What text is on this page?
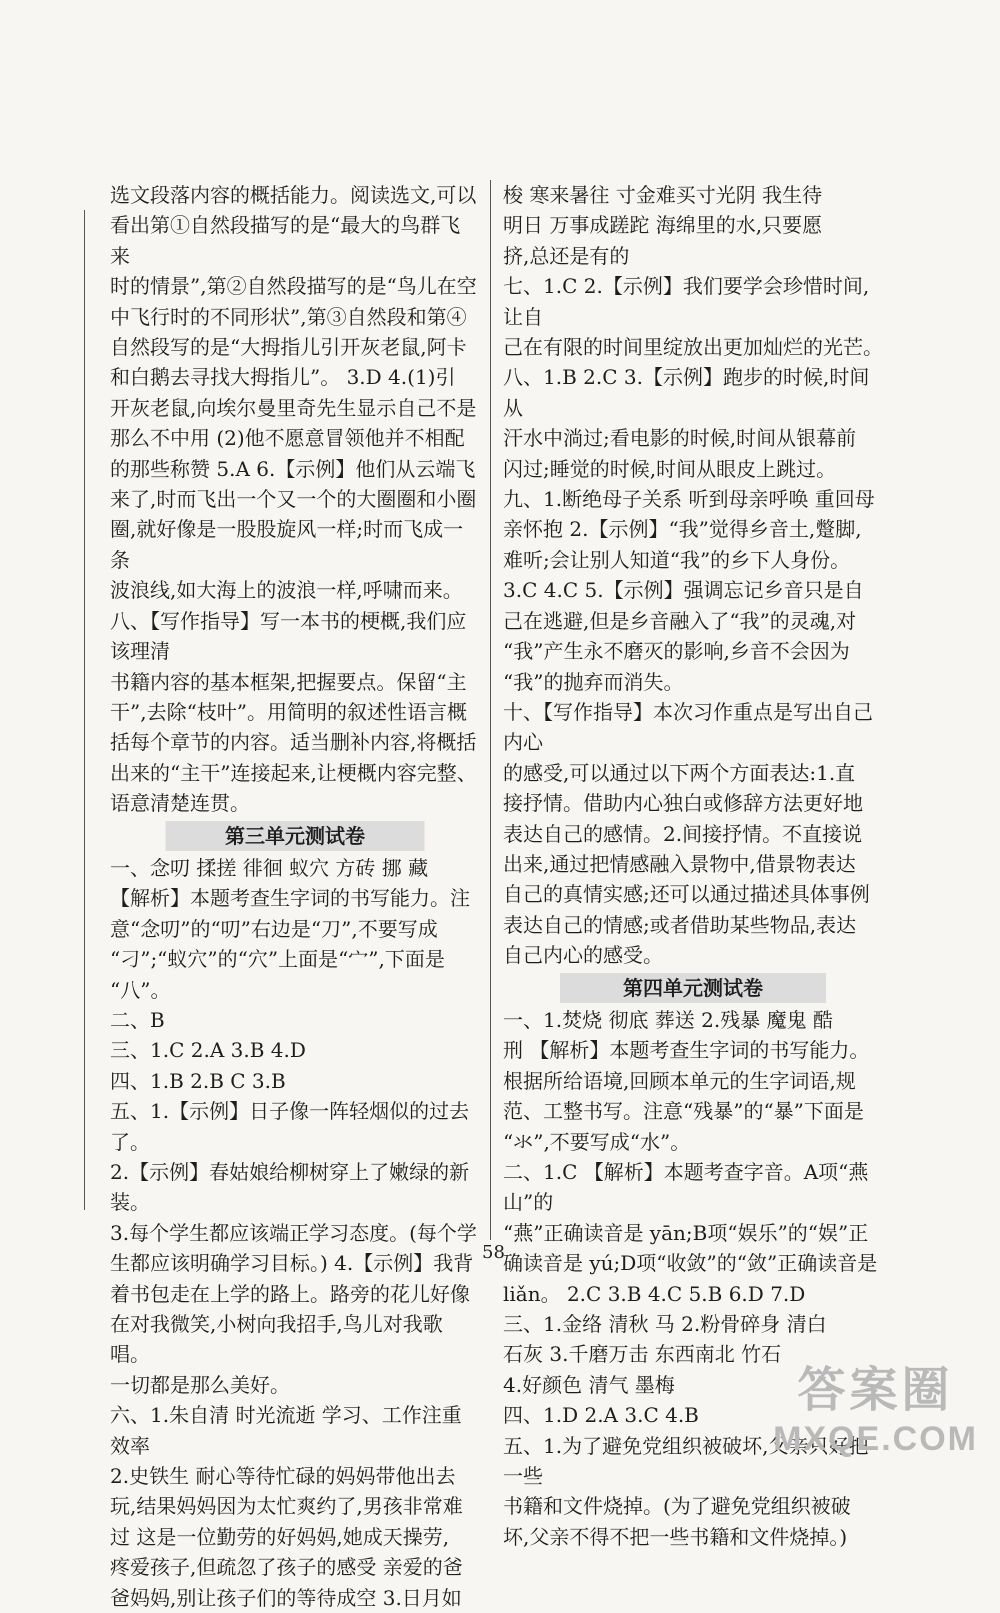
选文段落内容的概括能力。阅读选文,可以
看出第①自然段描写的是“最大的鸟群飞来
时的情景”,第②自然段描写的是“鸟儿在空
中飞行时的不同形状”,第③自然段和第④
自然段写的是“大拇指儿引开灰老鼠,阿卡
和白鹅去寻找大拇指儿”。 3.D 4.(1)引
开灰老鼠,向埃尔曼里奇先生显示自己不是
那么不中用 (2)他不愿意冒领他并不相配
的那些称赞 5.A 6.【示例】他们从云端飞
来了,时而飞出一个又一个的大圈圈和小圈
圈,就好像是一股股旋风一样;时而飞成一条
波浪线,如大海上的波浪一样,呼啸而来。
八、【写作指导】写一本书的梗概,我们应该理清
书籍内容的基本框架,把握要点。保留“主
干”,去除“枝叶”。用简明的叙述性语言概
括每个章节的内容。适当删补内容,将概括
出来的“主干”连接起来,让梗概内容完整、
语意清楚连贯。
第三单元测试卷
一、念叨 揉搓 徘徊 蚁穴 方砖 挪 藏
【解析】本题考查生字词的书写能力。注
意“念叨”的“叨”右边是“刀”,不要写成
“刁”;“蚁穴”的“穴”上面是“宀”,下面是
“八”。
二、B
三、1.C 2.A 3.B 4.D
四、1.B 2.B C 3.B
五、1.【示例】日子像一阵轻烟似的过去了。
2.【示例】春姑娘给柳树穿上了嫩绿的新装。
3.每个学生都应该端正学习态度。(每个学
生都应该明确学习目标。) 4.【示例】我背
着书包走在上学的路上。路旁的花儿好像
在对我微笑,小树向我招手,鸟儿对我歌唱。
一切都是那么美好。
六、1.朱自清 时光流逝 学习、工作注重效率
2.史铁生 耐心等待忙碌的妈妈带他出去
玩,结果妈妈因为太忙爽约了,男孩非常难
过 这是一位勤劳的好妈妈,她成天操劳,
疼爱孩子,但疏忽了孩子的感受 亲爱的爸
爸妈妈,别让孩子们的等待成空 3.日月如
梭 寒来暑往 寸金难买寸光阴 我生待
明日 万事成蹉跎 海绵里的水,只要愿
挤,总还是有的
七、1.C 2.【示例】我们要学会珍惜时间,让自
己在有限的时间里绽放出更加灿烂的光芒。
八、1.B 2.C 3.【示例】跑步的时候,时间从
汗水中淌过;看电影的时候,时间从银幕前
闪过;睡觉的时候,时间从眼皮上跳过。
九、1.断绝母子关系 听到母亲呼唤 重回母
亲怀抱 2.【示例】“我”觉得乡音土,蹩脚,
难听;会让别人知道“我”的乡下人身份。
3.C 4.C 5.【示例】强调忘记乡音只是自
己在逃避,但是乡音融入了“我”的灵魂,对
“我”产生永不磨灭的影响,乡音不会因为
“我”的抛弃而消失。
十、【写作指导】本次习作重点是写出自己内心
的感受,可以通过以下两个方面表达:1.直
接抒情。借助内心独白或修辞方法更好地
表达自己的感情。2.间接抒情。不直接说
出来,通过把情感融入景物中,借景物表达
自己的真情实感;还可以通过描述具体事例
表达自己的情感;或者借助某些物品,表达
自己内心的感受。
第四单元测试卷
一、1.焚烧 彻底 葬送 2.残暴 魔鬼 酷
刑 【解析】本题考查生字词的书写能力。
根据所给语境,回顾本单元的生字词语,规
范、工整书写。注意“残暴”的“暴”下面是
“氺”,不要写成“水”。
二、1.C 【解析】本题考查字音。A项“燕山”的
“燕”正确读音是 yān;B项“娱乐”的“娱”正
确读音是 yú;D项“收敛”的“敛”正确读音是
liǎn。 2.C 3.B 4.C 5.B 6.D 7.D
三、1.金络 清秋 马 2.粉骨碎身 清白
石灰 3.千磨万击 东西南北 竹石
4.好颜色 清气 墨梅
四、1.D 2.A 3.C 4.B
五、1.为了避免党组织被破坏,父亲只好把一些
书籍和文件烧掉。(为了避免党组织被破
坏,父亲不得不把一些书籍和文件烧掉。)
58
答案圈
MXQE.COM
